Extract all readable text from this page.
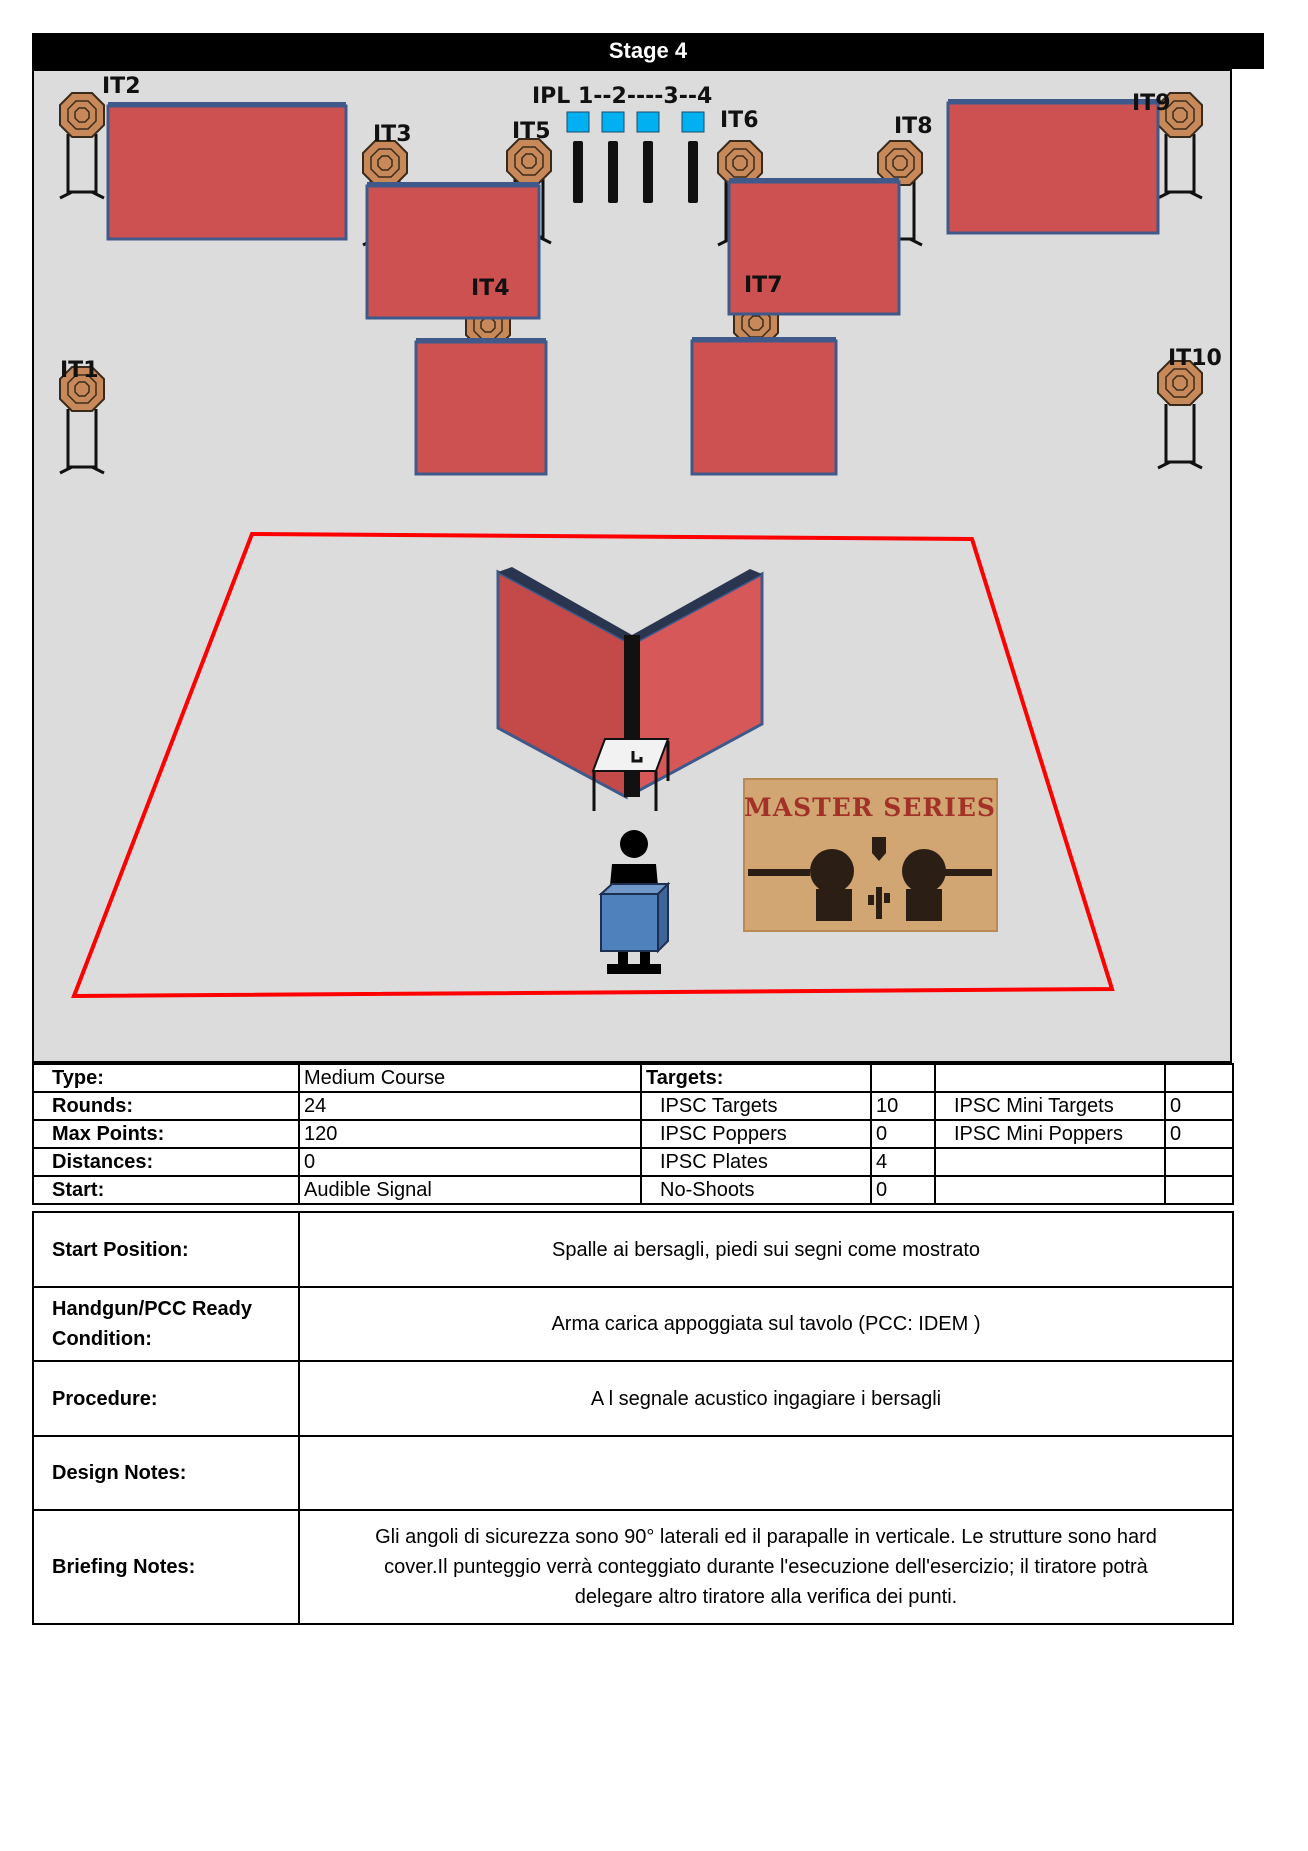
Stage 4
MASTER SERIES
IT2
IT3	IT5
IPL 1--2----3--4
IT6	IT8
IT9
IT1	IT10
IT4	IT7
Type:	Medium Course	Targets:			
Rounds:	24	IPSC Targets	10	IPSC Mini Targets	0
Max Points:	120	IPSC Poppers	0	IPSC Mini Poppers	0
Distances:	0	IPSC Plates	4		
Start:	Audible Signal	No-Shoots	0		
Start Position:	Spalle ai bersagli, piedi sui segni come mostrato

Handgun/PCC Ready
Condition:	Arma carica appoggiata sul tavolo (PCC: IDEM )
Procedure:	A l segnale acustico ingagiare i bersagli
Design Notes:	
Briefing Notes:	Gli angoli di sicurezza sono 90° laterali ed il parapalle in verticale. Le strutture sono hard
cover.Il punteggio verrà conteggiato durante l'esecuzione dell'esercizio; il tiratore potrà
delegare altro tiratore alla verifica dei punti.
